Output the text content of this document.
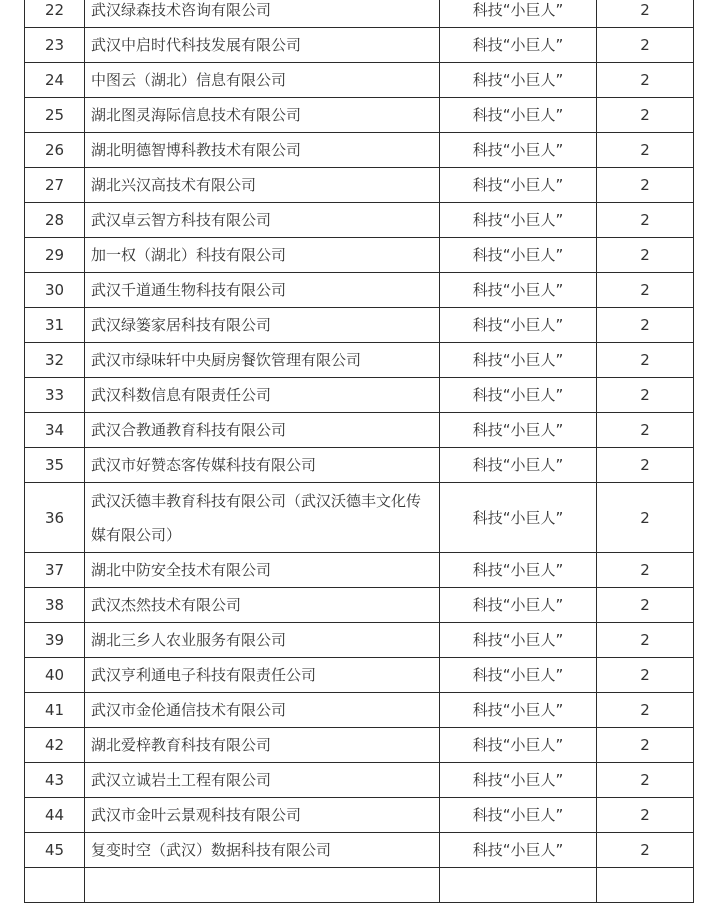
22	武汉绿森技术咨询有限公司	科技“小巨人”	2
23	武汉中启时代科技发展有限公司	科技“小巨人”	2
24	中图云（湖北）信息有限公司	科技“小巨人”	2
25	湖北图灵海际信息技术有限公司	科技“小巨人”	2
26	湖北明德智博科教技术有限公司	科技“小巨人”	2
27	湖北兴汉高技术有限公司	科技“小巨人”	2
28	武汉卓云智方科技有限公司	科技“小巨人”	2
29	加一权（湖北）科技有限公司	科技“小巨人”	2
30	武汉千道通生物科技有限公司	科技“小巨人”	2
31	武汉绿篓家居科技有限公司	科技“小巨人”	2
32	武汉市绿味轩中央厨房餐饮管理有限公司	科技“小巨人”	2
33	武汉科数信息有限责任公司	科技“小巨人”	2
34	武汉合教通教育科技有限公司	科技“小巨人”	2
35	武汉市好赞态客传媒科技有限公司	科技“小巨人”	2
36	武汉沃德丰教育科技有限公司（武汉沃德丰文化传媒有限公司）	科技“小巨人”	2
37	湖北中防安全技术有限公司	科技“小巨人”	2
38	武汉杰然技术有限公司	科技“小巨人”	2
39	湖北三乡人农业服务有限公司	科技“小巨人”	2
40	武汉亨利通电子科技有限责任公司	科技“小巨人”	2
41	武汉市金伦通信技术有限公司	科技“小巨人”	2
42	湖北爱梓教育科技有限公司	科技“小巨人”	2
43	武汉立诚岩土工程有限公司	科技“小巨人”	2
44	武汉市金叶云景观科技有限公司	科技“小巨人”	2
45	复变时空（武汉）数据科技有限公司	科技“小巨人”	2
